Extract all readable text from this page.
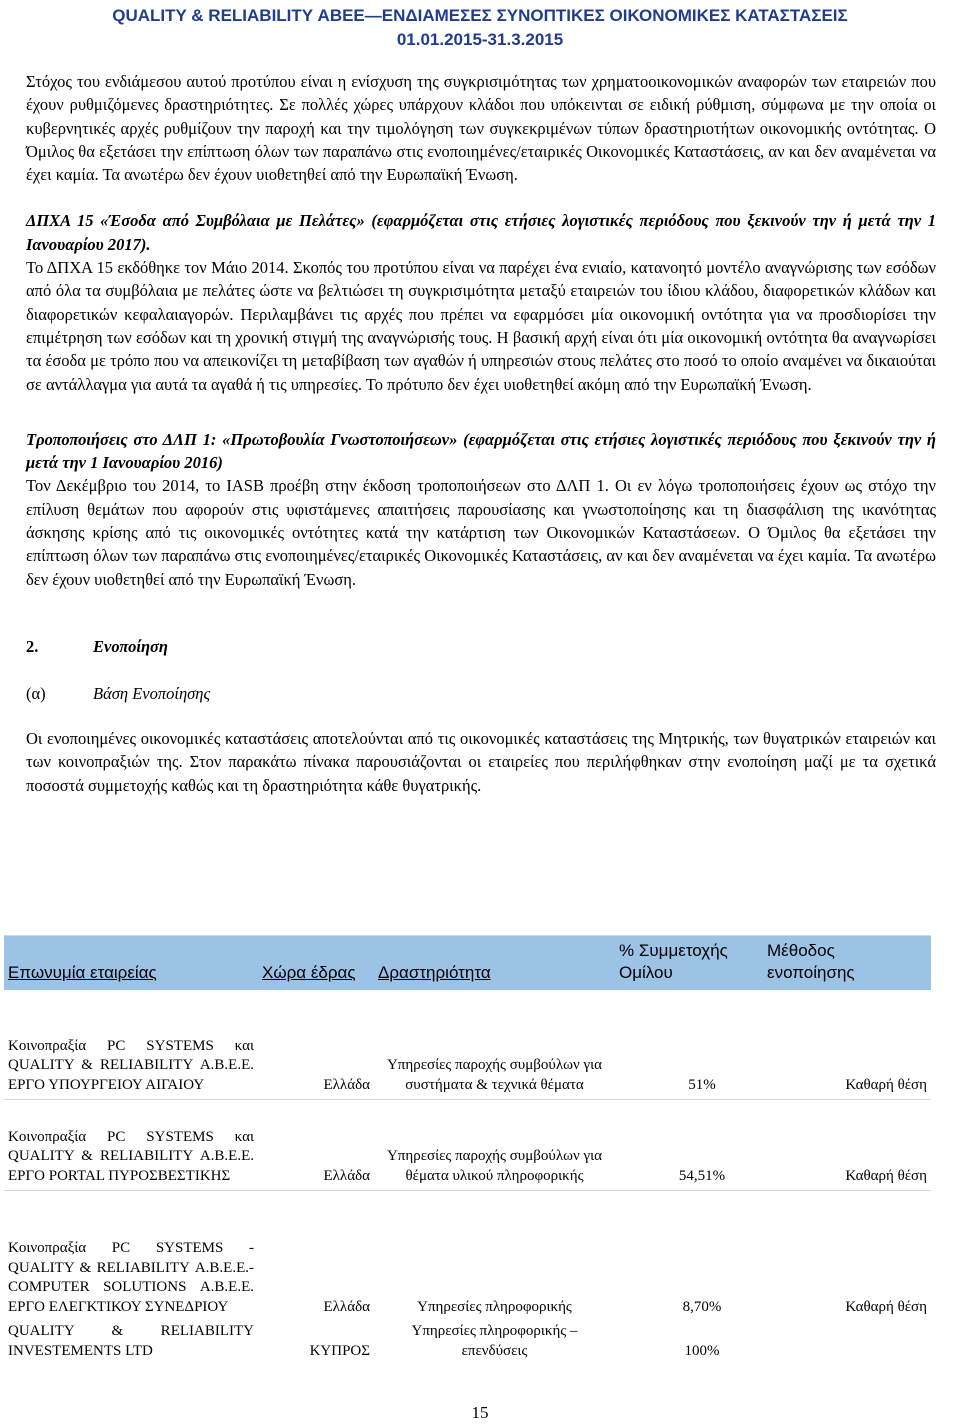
QUALITY & RELIABILITY ΑΒΕΕ—ΕΝΔΙΑΜΕΣΕΣ ΣΥΝΟΠΤΙΚΕΣ ΟΙΚΟΝΟΜΙΚΕΣ ΚΑΤΑΣΤΑΣΕΙΣ
01.01.2015-31.3.2015

Στόχος του ενδιάμεσου αυτού προτύπου είναι η ενίσχυση της συγκρισιμότητας των χρηματοοικονομικών αναφορών των εταιρειών που έχουν ρυθμιζόμενες δραστηριότητες. Σε πολλές χώρες υπάρχουν κλάδοι που υπόκεινται σε ειδική ρύθμιση, σύμφωνα με την οποία οι κυβερνητικές αρχές ρυθμίζουν την παροχή και την τιμολόγηση των συγκεκριμένων τύπων δραστηριοτήτων οικονομικής οντότητας. Ο Όμιλος θα εξετάσει την επίπτωση όλων των παραπάνω στις ενοποιημένες/εταιρικές Οικονομικές Καταστάσεις, αν και δεν αναμένεται να έχει καμία. Τα ανωτέρω δεν έχουν υιοθετηθεί από την Ευρωπαϊκή Ένωση.

ΔΠΧΑ 15 «Έσοδα από Συμβόλαια με Πελάτες» (εφαρμόζεται στις ετήσιες λογιστικές περιόδους που ξεκινούν την ή μετά την 1 Ιανουαρίου 2017).

Το ΔΠΧΑ 15 εκδόθηκε τον Μάιο 2014. Σκοπός του προτύπου είναι να παρέχει ένα ενιαίο, κατανοητό μοντέλο αναγνώρισης των εσόδων από όλα τα συμβόλαια με πελάτες ώστε να βελτιώσει τη συγκρισιμότητα μεταξύ εταιρειών του ίδιου κλάδου, διαφορετικών κλάδων και διαφορετικών κεφαλαιαγορών. Περιλαμβάνει τις αρχές που πρέπει να εφαρμόσει μία οικονομική οντότητα για να προσδιορίσει την επιμέτρηση των εσόδων και τη χρονική στιγμή της αναγνώρισής τους. Η βασική αρχή είναι ότι μία οικονομική οντότητα θα αναγνωρίσει τα έσοδα με τρόπο που να απεικονίζει τη μεταβίβαση των αγαθών ή υπηρεσιών στους πελάτες στο ποσό το οποίο αναμένει να δικαιούται σε αντάλλαγμα για αυτά τα αγαθά ή τις υπηρεσίες. Το πρότυπο δεν έχει υιοθετηθεί ακόμη από την Ευρωπαϊκή Ένωση.

Τροποποιήσεις στο ΔΛΠ 1: «Πρωτοβουλία Γνωστοποιήσεων» (εφαρμόζεται στις ετήσιες λογιστικές περιόδους που ξεκινούν την ή μετά την 1 Ιανουαρίου 2016)

Τον Δεκέμβριο του 2014, το IASB προέβη στην έκδοση τροποποιήσεων στο ΔΛΠ 1. Οι εν λόγω τροποποιήσεις έχουν ως στόχο την επίλυση θεμάτων που αφορούν στις υφιστάμενες απαιτήσεις παρουσίασης και γνωστοποίησης και τη διασφάλιση της ικανότητας άσκησης κρίσης από τις οικονομικές οντότητες κατά την κατάρτιση των Οικονομικών Καταστάσεων. Ο Όμιλος θα εξετάσει την επίπτωση όλων των παραπάνω στις ενοποιημένες/εταιρικές Οικονομικές Καταστάσεις, αν και δεν αναμένεται να έχει καμία. Τα ανωτέρω δεν έχουν υιοθετηθεί από την Ευρωπαϊκή Ένωση.

2.	Ενοποίηση

(α)	Βάση Ενοποίησης

Οι ενοποιημένες οικονομικές καταστάσεις αποτελούνται από τις οικονομικές καταστάσεις της Μητρικής, των θυγατρικών εταιρειών και των κοινοπραξιών της. Στον παρακάτω πίνακα παρουσιάζονται οι εταιρείες που περιλήφθηκαν στην ενοποίηση μαζί με τα σχετικά ποσοστά συμμετοχής καθώς και τη δραστηριότητα κάθε θυγατρικής.

Επωνυμία εταιρείας	Χώρα έδρας	Δραστηριότητα	% Συμμετοχής Ομίλου	Μέθοδος ενοποίησης
Κοινοπραξία PC SYSTEMS και QUALITY & RELIABILITY Α.Β.Ε.Ε. ΕΡΓΟ ΥΠΟΥΡΓΕΙΟΥ ΑΙΓΑΙΟΥ	Ελλάδα	Υπηρεσίες παροχής συμβούλων για συστήματα & τεχνικά θέματα	51%	Καθαρή θέση
Κοινοπραξία PC SYSTEMS και QUALITY & RELIABILITY Α.Β.Ε.Ε. ΕΡΓΟ PORTAL ΠΥΡΟΣΒΕΣΤΙΚΗΣ	Ελλάδα	Υπηρεσίες παροχής συμβούλων για θέματα υλικού πληροφορικής	54,51%	Καθαρή θέση
Κοινοπραξία PC SYSTEMS - QUALITY & RELIABILITY Α.Β.Ε.Ε.-COMPUTER SOLUTIONS Α.Β.Ε.Ε. ΕΡΓΟ ΕΛΕΓΚΤΙΚΟΥ ΣΥΝΕΔΡΙΟΥ	Ελλάδα	Υπηρεσίες πληροφορικής	8,70%	Καθαρή θέση
QUALITY & RELIABILITY INVESTEMENTS LTD	ΚΥΠΡΟΣ	Υπηρεσίες πληροφορικής – επενδύσεις	100%	
15
